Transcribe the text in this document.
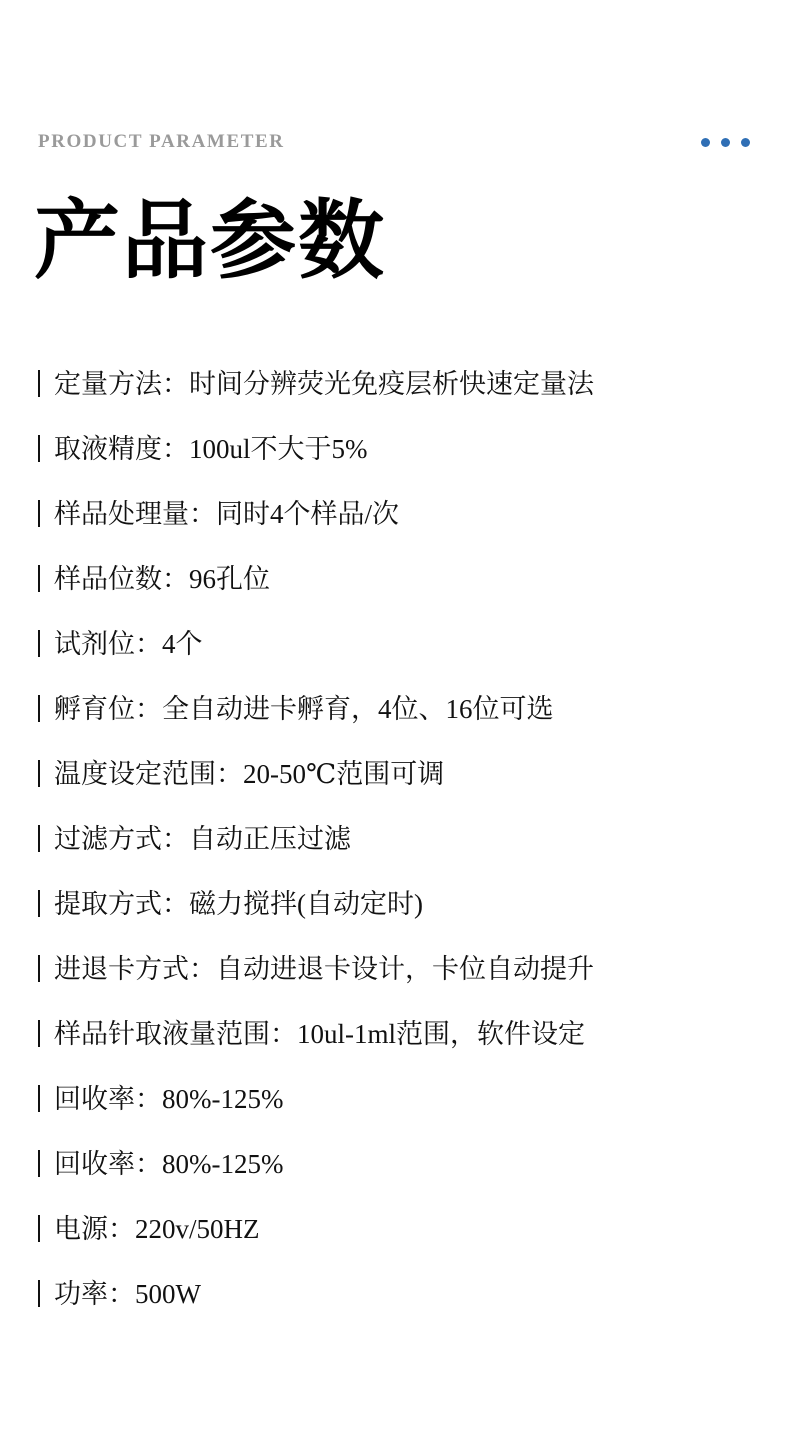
PRODUCT PARAMETER
产品参数
定量方法： 时间分辨荧光免疫层析快速定量法
取液精度： 100ul不大于5%
样品处理量： 同时4个样品/次
样品位数： 96孔位
试剂位： 4个
孵育位： 全自动进卡孵育，4位、16位可选
温度设定范围： 20-50℃范围可调
过滤方式： 自动正压过滤
提取方式： 磁力搅拌(自动定时)
进退卡方式： 自动进退卡设计，卡位自动提升
样品针取液量范围： 10ul-1ml范围，软件设定
回收率： 80%-125%
回收率： 80%-125%
电源： 220v/50HZ
功率： 500W
